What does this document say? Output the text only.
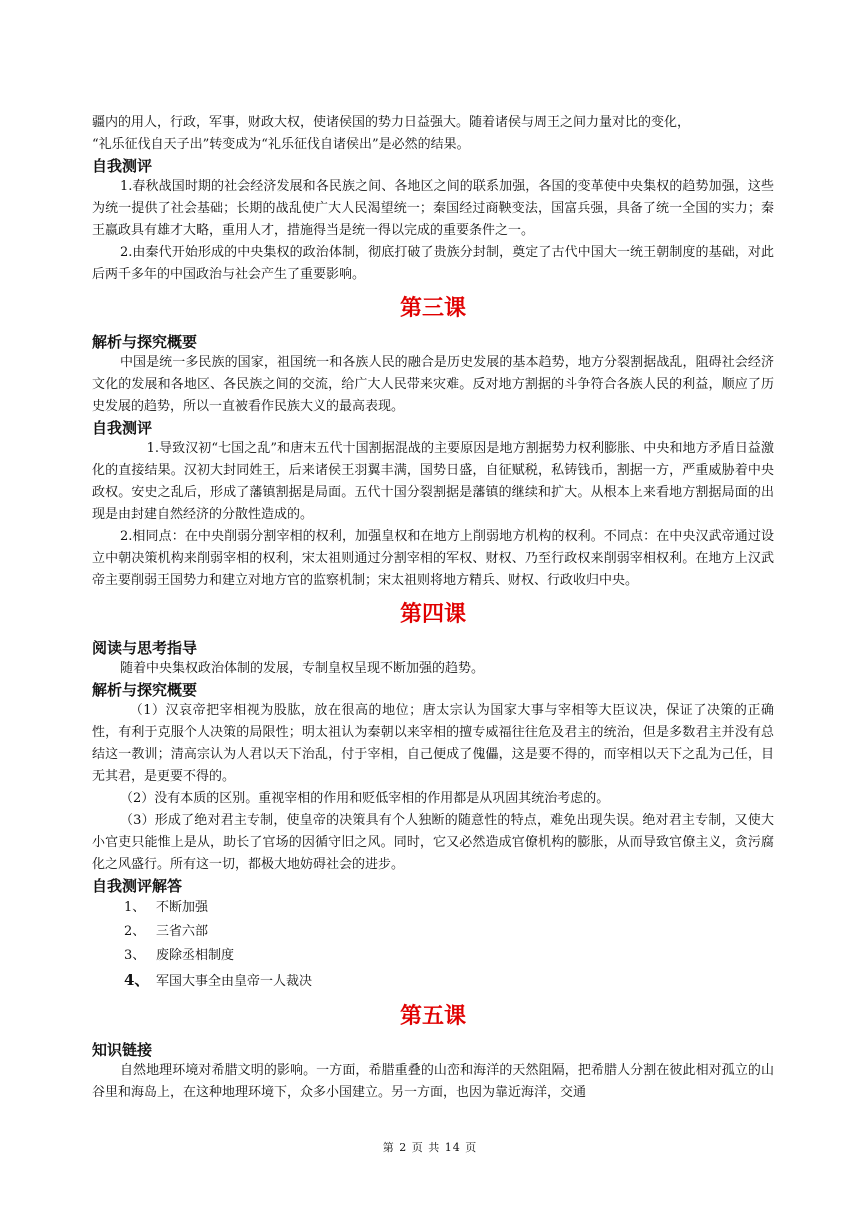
疆内的用人，行政，军事，财政大权，使诸侯国的势力日益强大。随着诸侯与周王之间力量对比的变化，

“礼乐征伐自天子出”转变成为“礼乐征伐自诸侯出”是必然的结果。

自我测评

1.春秋战国时期的社会经济发展和各民族之间、各地区之间的联系加强，各国的变革使中央集权的趋势加强，这些为统一提供了社会基础；长期的战乱使广大人民渴望统一；秦国经过商鞅变法，国富兵强，具备了统一全国的实力；秦王嬴政具有雄才大略，重用人才，措施得当是统一得以完成的重要条件之一。

2.由秦代开始形成的中央集权的政治体制，彻底打破了贵族分封制，奠定了古代中国大一统王朝制度的基础，对此后两千多年的中国政治与社会产生了重要影响。

第三课
解析与探究概要

中国是统一多民族的国家，祖国统一和各族人民的融合是历史发展的基本趋势，地方分裂割据战乱，阻碍社会经济文化的发展和各地区、各民族之间的交流，给广大人民带来灾难。反对地方割据的斗争符合各族人民的利益，顺应了历史发展的趋势，所以一直被看作民族大义的最高表现。

自我测评

1.导致汉初“七国之乱”和唐末五代十国割据混战的主要原因是地方割据势力权利膨胀、中央和地方矛盾日益激化的直接结果。汉初大封同姓王，后来诸侯王羽翼丰满，国势日盛，自征赋税，私铸钱币，割据一方，严重威胁着中央政权。安史之乱后，形成了藩镇割据是局面。五代十国分裂割据是藩镇的继续和扩大。从根本上来看地方割据局面的出现是由封建自然经济的分散性造成的。

2.相同点：在中央削弱分割宰相的权利，加强皇权和在地方上削弱地方机构的权利。不同点：在中央汉武帝通过设立中朝决策机构来削弱宰相的权利，宋太祖则通过分割宰相的军权、财权、乃至行政权来削弱宰相权利。在地方上汉武帝主要削弱王国势力和建立对地方官的监察机制；宋太祖则将地方精兵、财权、行政收归中央。

第四课
阅读与思考指导

随着中央集权政治体制的发展，专制皇权呈现不断加强的趋势。

解析与探究概要

（1）汉哀帝把宰相视为股肱，放在很高的地位；唐太宗认为国家大事与宰相等大臣议决，保证了决策的正确性，有利于克服个人决策的局限性；明太祖认为秦朝以来宰相的擅专威福往往危及君主的统治，但是多数君主并没有总结这一教训；清高宗认为人君以天下治乱，付于宰相，自己便成了傀儡，这是要不得的，而宰相以天下之乱为己任，目无其君，是更要不得的。

（2）没有本质的区别。重视宰相的作用和贬低宰相的作用都是从巩固其统治考虑的。

（3）形成了绝对君主专制，使皇帝的决策具有个人独断的随意性的特点，难免出现失误。绝对君主专制，又使大小官吏只能惟上是从，助长了官场的因循守旧之风。同时，它又必然造成官僚机构的膨胀，从而导致官僚主义，贪污腐化之风盛行。所有这一切，都极大地妨碍社会的进步。

自我测评解答
1、 不断加强
2、 三省六部
3、 废除丞相制度
4、 军国大事全由皇帝一人裁决
第五课
知识链接

自然地理环境对希腊文明的影响。一方面，希腊重叠的山峦和海洋的天然阻隔，把希腊人分割在彼此相对孤立的山谷里和海岛上，在这种地理环境下，众多小国建立。另一方面，也因为靠近海洋，交通

第 2 页 共 14 页
